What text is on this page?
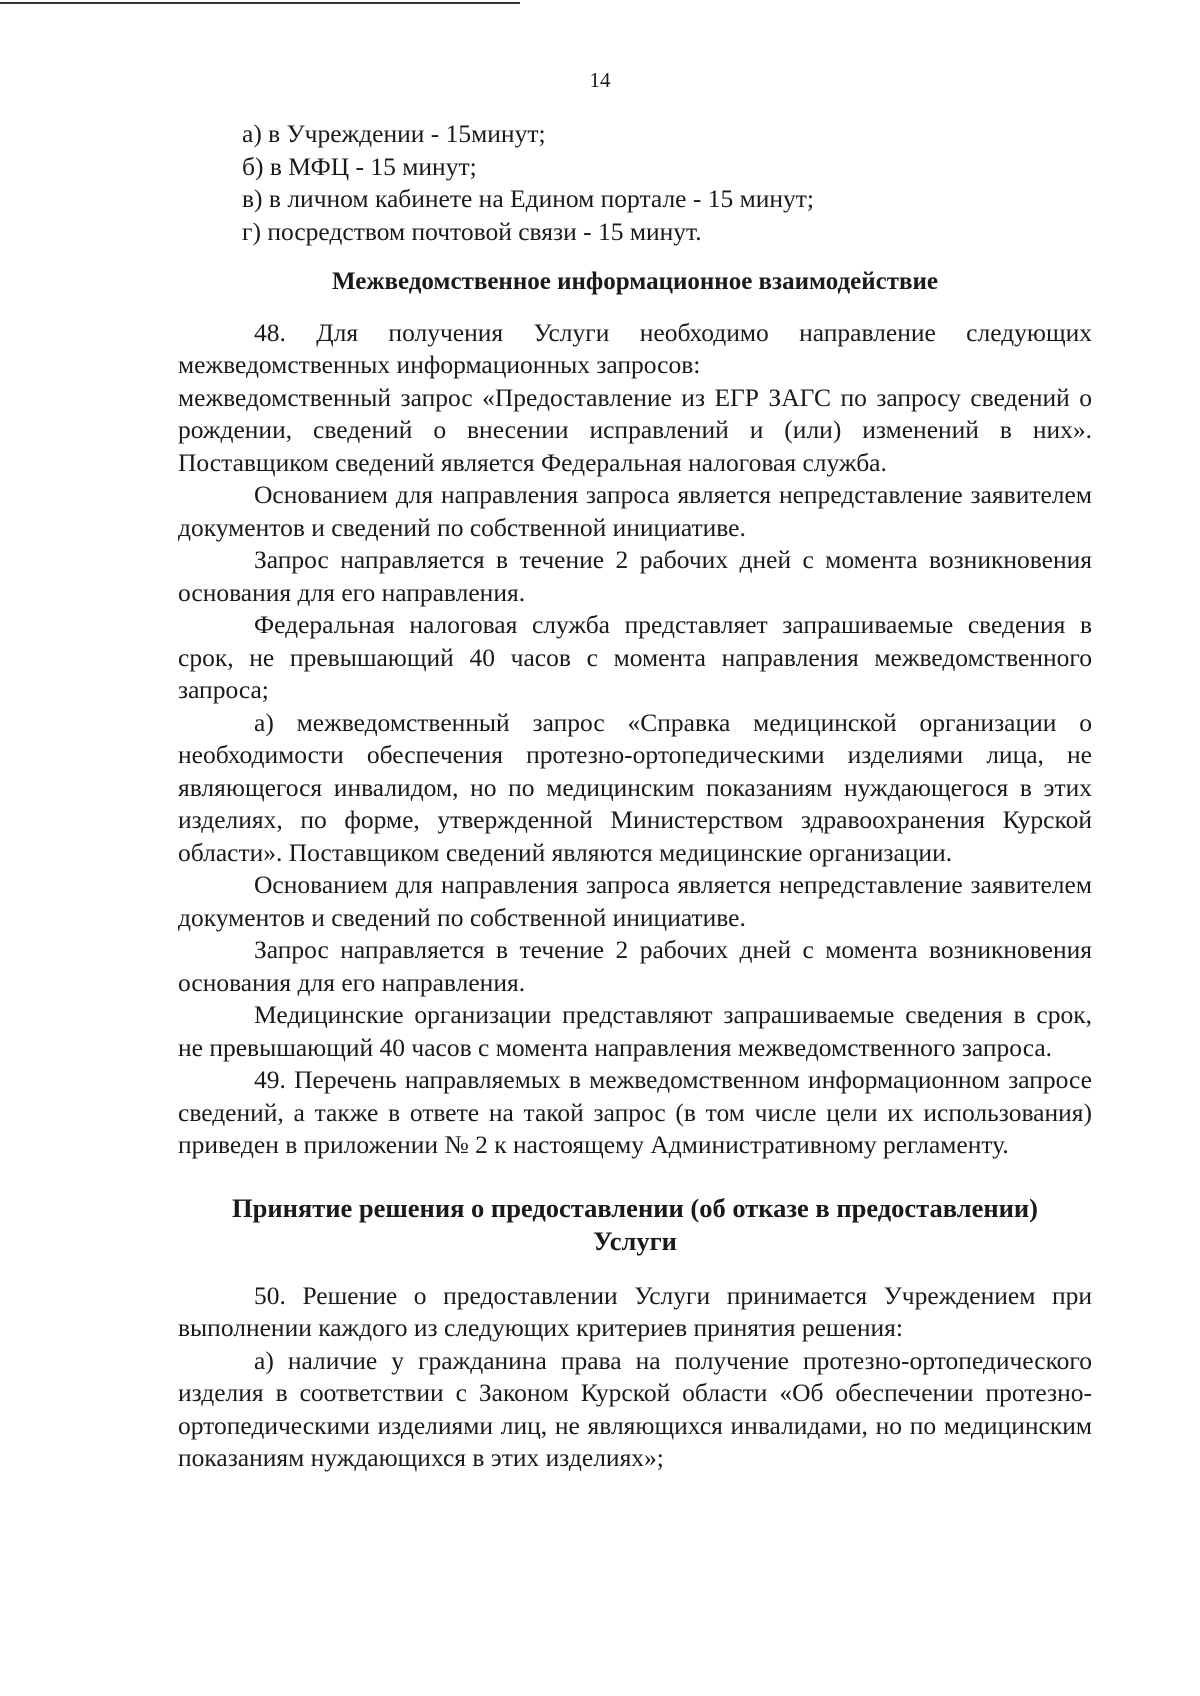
14
а) в Учреждении - 15минут;
б) в МФЦ - 15 минут;
в) в личном кабинете на Едином портале - 15 минут;
г) посредством почтовой связи - 15 минут.

Межведомственное информационное взаимодействие

48. Для получения Услуги необходимо направление следующих межведомственных информационных запросов:

межведомственный запрос «Предоставление из ЕГР ЗАГС по запросу сведений о рождении, сведений о внесении исправлений и (или) изменений в них». Поставщиком сведений является Федеральная налоговая служба.

Основанием для направления запроса является непредставление заявителем документов и сведений по собственной инициативе.

Запрос направляется в течение 2 рабочих дней с момента возникновения основания для его направления.

Федеральная налоговая служба представляет запрашиваемые сведения в срок, не превышающий 40 часов с момента направления межведомственного запроса;

а) межведомственный запрос «Справка медицинской организации о необходимости обеспечения протезно-ортопедическими изделиями лица, не являющегося инвалидом, но по медицинским показаниям нуждающегося в этих изделиях, по форме, утвержденной Министерством здравоохранения Курской области». Поставщиком сведений являются медицинские организации.

Основанием для направления запроса является непредставление заявителем документов и сведений по собственной инициативе.

Запрос направляется в течение 2 рабочих дней с момента возникновения основания для его направления.

Медицинские организации представляют запрашиваемые сведения в срок, не превышающий 40 часов с момента направления межведомственного запроса.

49. Перечень направляемых в межведомственном информационном запросе сведений, а также в ответе на такой запрос (в том числе цели их использования) приведен в приложении № 2 к настоящему Административному регламенту.

Принятие решения о предоставлении (об отказе в предоставлении)

Услуги

50. Решение о предоставлении Услуги принимается Учреждением при выполнении каждого из следующих критериев принятия решения:

а) наличие у гражданина права на получение протезно-ортопедического изделия в соответствии с Законом Курской области «Об обеспечении протезно-ортопедическими изделиями лиц, не являющихся инвалидами, но по медицинским показаниям нуждающихся в этих изделиях»;
